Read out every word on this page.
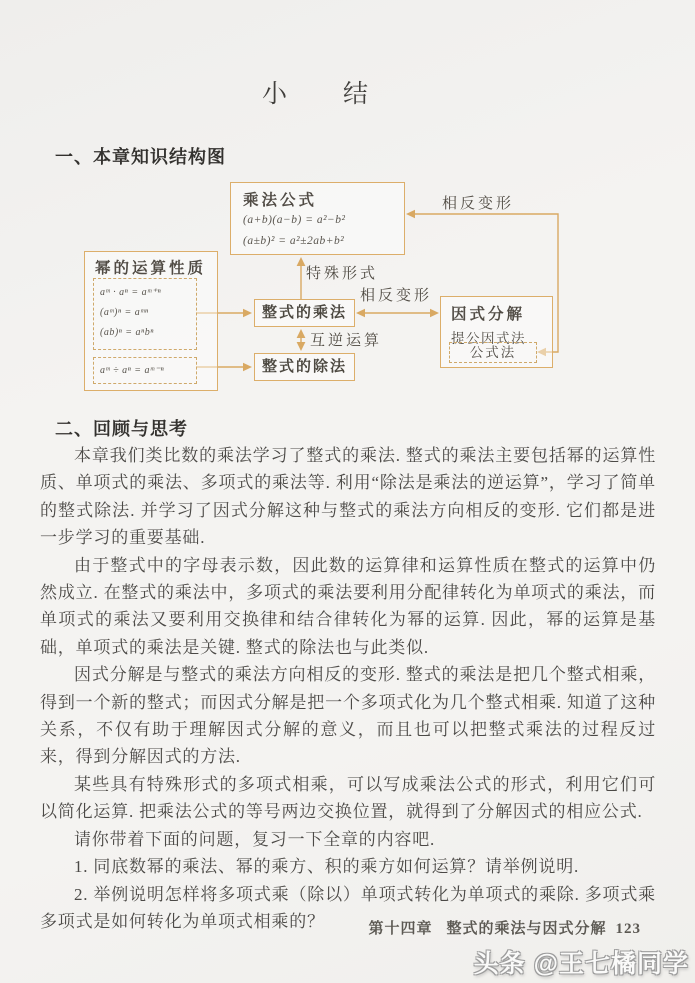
小　　结
一、本章知识结构图
乘法公式
(a+b)(a−b) = a²−b²
(a±b)² = a²±2ab+b²
幂的运算性质
aᵐ · aⁿ = aᵐ⁺ⁿ
(aᵐ)ⁿ = aᵐⁿ
(ab)ⁿ = aⁿbⁿ
aᵐ ÷ aⁿ = aᵐ⁻ⁿ
整式的乘法
整式的除法
因式分解
提公因式法
公式法
相反变形
特殊形式
相反变形
互逆运算
二、回顾与思考

本章我们类比数的乘法学习了整式的乘法. 整式的乘法主要包括幂的运算性质、单项式的乘法、多项式的乘法等. 利用“除法是乘法的逆运算”，学习了简单的整式除法. 并学习了因式分解这种与整式的乘法方向相反的变形. 它们都是进一步学习的重要基础.

由于整式中的字母表示数，因此数的运算律和运算性质在整式的运算中仍然成立. 在整式的乘法中，多项式的乘法要利用分配律转化为单项式的乘法，而单项式的乘法又要利用交换律和结合律转化为幂的运算. 因此，幂的运算是基础，单项式的乘法是关键. 整式的除法也与此类似.

因式分解是与整式的乘法方向相反的变形. 整式的乘法是把几个整式相乘，得到一个新的整式；而因式分解是把一个多项式化为几个整式相乘. 知道了这种关系，不仅有助于理解因式分解的意义，而且也可以把整式乘法的过程反过来，得到分解因式的方法.

某些具有特殊形式的多项式相乘，可以写成乘法公式的形式，利用它们可以简化运算. 把乘法公式的等号两边交换位置，就得到了分解因式的相应公式.

请你带着下面的问题，复习一下全章的内容吧.

1. 同底数幂的乘法、幂的乘方、积的乘方如何运算？请举例说明.

2. 举例说明怎样将多项式乘（除以）单项式转化为单项式的乘除. 多项式乘多项式是如何转化为单项式相乘的？	第十四章 整式的乘法与因式分解 123
头条 @王七橘同学
